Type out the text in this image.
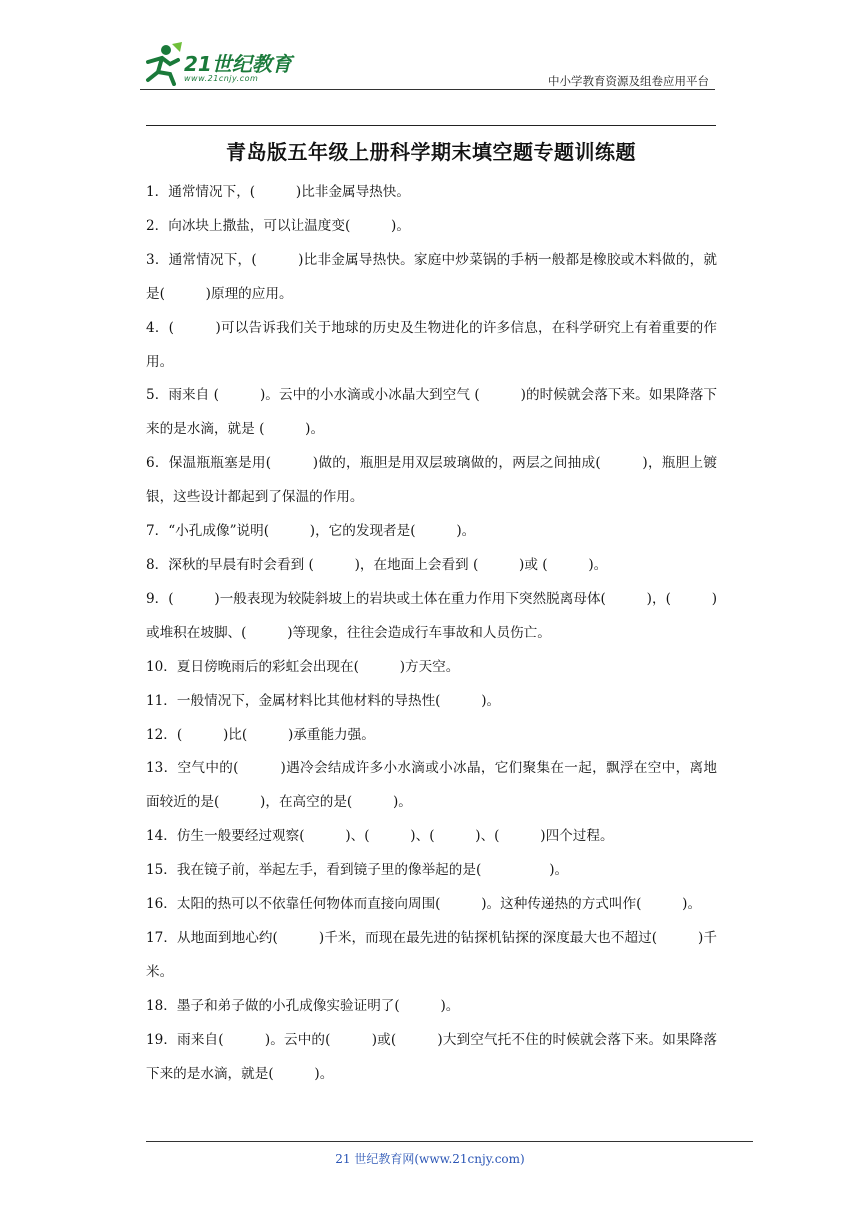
21世纪教育
www.21cnjy.com	中小学教育资源及组卷应用平台
青岛版五年级上册科学期末填空题专题训练题

1．通常情况下，(　　　)比非金属导热快。

2．向冰块上撒盐，可以让温度变(　　　)。

3．通常情况下，(　　　)比非金属导热快。家庭中炒菜锅的手柄一般都是橡胶或木料做的，就是(　　　)原理的应用。

4．(　　　)可以告诉我们关于地球的历史及生物进化的许多信息，在科学研究上有着重要的作用。

5．雨来自 (　　　)。云中的小水滴或小冰晶大到空气 (　　　)的时候就会落下来。如果降落下来的是水滴，就是 (　　　)。

6．保温瓶瓶塞是用(　　　)做的，瓶胆是用双层玻璃做的，两层之间抽成(　　　)，瓶胆上镀银，这些设计都起到了保温的作用。

7．“小孔成像”说明(　　　)，它的发现者是(　　　)。

8．深秋的早晨有时会看到 (　　　)，在地面上会看到 (　　　)或 (　　　)。

9．(　　　)一般表现为较陡斜坡上的岩块或土体在重力作用下突然脱离母体(　　　)，(　　　)或堆积在坡脚、(　　　)等现象，往往会造成行车事故和人员伤亡。

10．夏日傍晚雨后的彩虹会出现在(　　　)方天空。

11．一般情况下，金属材料比其他材料的导热性(　　　)。

12．(　　　)比(　　　)承重能力强。

13．空气中的(　　　)遇冷会结成许多小水滴或小冰晶，它们聚集在一起，飘浮在空中，离地面较近的是(　　　)，在高空的是(　　　)。

14．仿生一般要经过观察(　　　)、(　　　)、(　　　)、(　　　)四个过程。

15．我在镜子前，举起左手，看到镜子里的像举起的是(　　　　　)。

16．太阳的热可以不依靠任何物体而直接向周围(　　　)。这种传递热的方式叫作(　　　)。

17．从地面到地心约(　　　)千米，而现在最先进的钻探机钻探的深度最大也不超过(　　　)千米。

18．墨子和弟子做的小孔成像实验证明了(　　　)。

19．雨来自(　　　)。云中的(　　　)或(　　　)大到空气托不住的时候就会落下来。如果降落下来的是水滴，就是(　　　)。

21 世纪教育网(www.21cnjy.com)
